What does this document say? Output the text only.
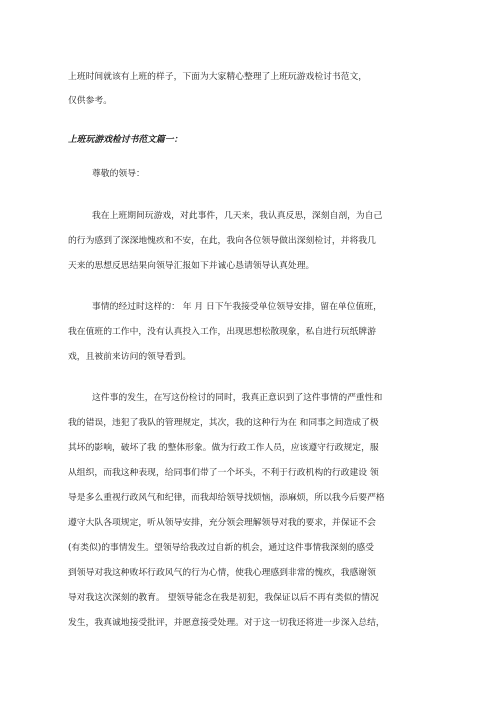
上班时间就该有上班的样子，下面为大家精心整理了上班玩游戏检讨书范文，
仅供参考。
上班玩游戏检讨书范文篇一：
尊敬的领导：
我在上班期间玩游戏，对此事件，几天来，我认真反思，深刻自剖，为自己
的行为感到了深深地愧疚和不安，在此，我向各位领导做出深刻检讨，并将我几
天来的思想反思结果向领导汇报如下并诚心恳请领导认真处理。
事情的经过时这样的： 年 月 日下午我接受单位领导安排，留在单位值班，
我在值班的工作中，没有认真投入工作，出现思想松散现象，私自进行玩纸牌游
戏，且被前来访问的领导看到。
这件事的发生，在写这份检讨的同时，我真正意识到了这件事情的严重性和
我的错误，违犯了我队的管理规定，其次，我的这种行为在 和同事之间造成了极
其坏的影响，破坏了我 的整体形象。做为行政工作人员，应该遵守行政规定，服
从组织，而我这种表现，给同事们带了一个坏头，不利于行政机构的行政建设 领
导是多么重视行政风气和纪律，而我却给领导找烦恼，添麻烦，所以我今后要严格
遵守大队各项规定，听从领导安排，充分领会理解领导对我的要求，并保证不会
(有类似)的事情发生。望领导给我改过自新的机会，通过这件事情我深刻的感受
到领导对我这种败坏行政风气的行为心情，使我心理感到非常的愧疚，我感谢领
导对我这次深刻的教育。 望领导能念在我是初犯，我保证以后不再有类似的情况
发生，我真诚地接受批评，并愿意接受处理。对于这一切我还将进一步深入总结，
